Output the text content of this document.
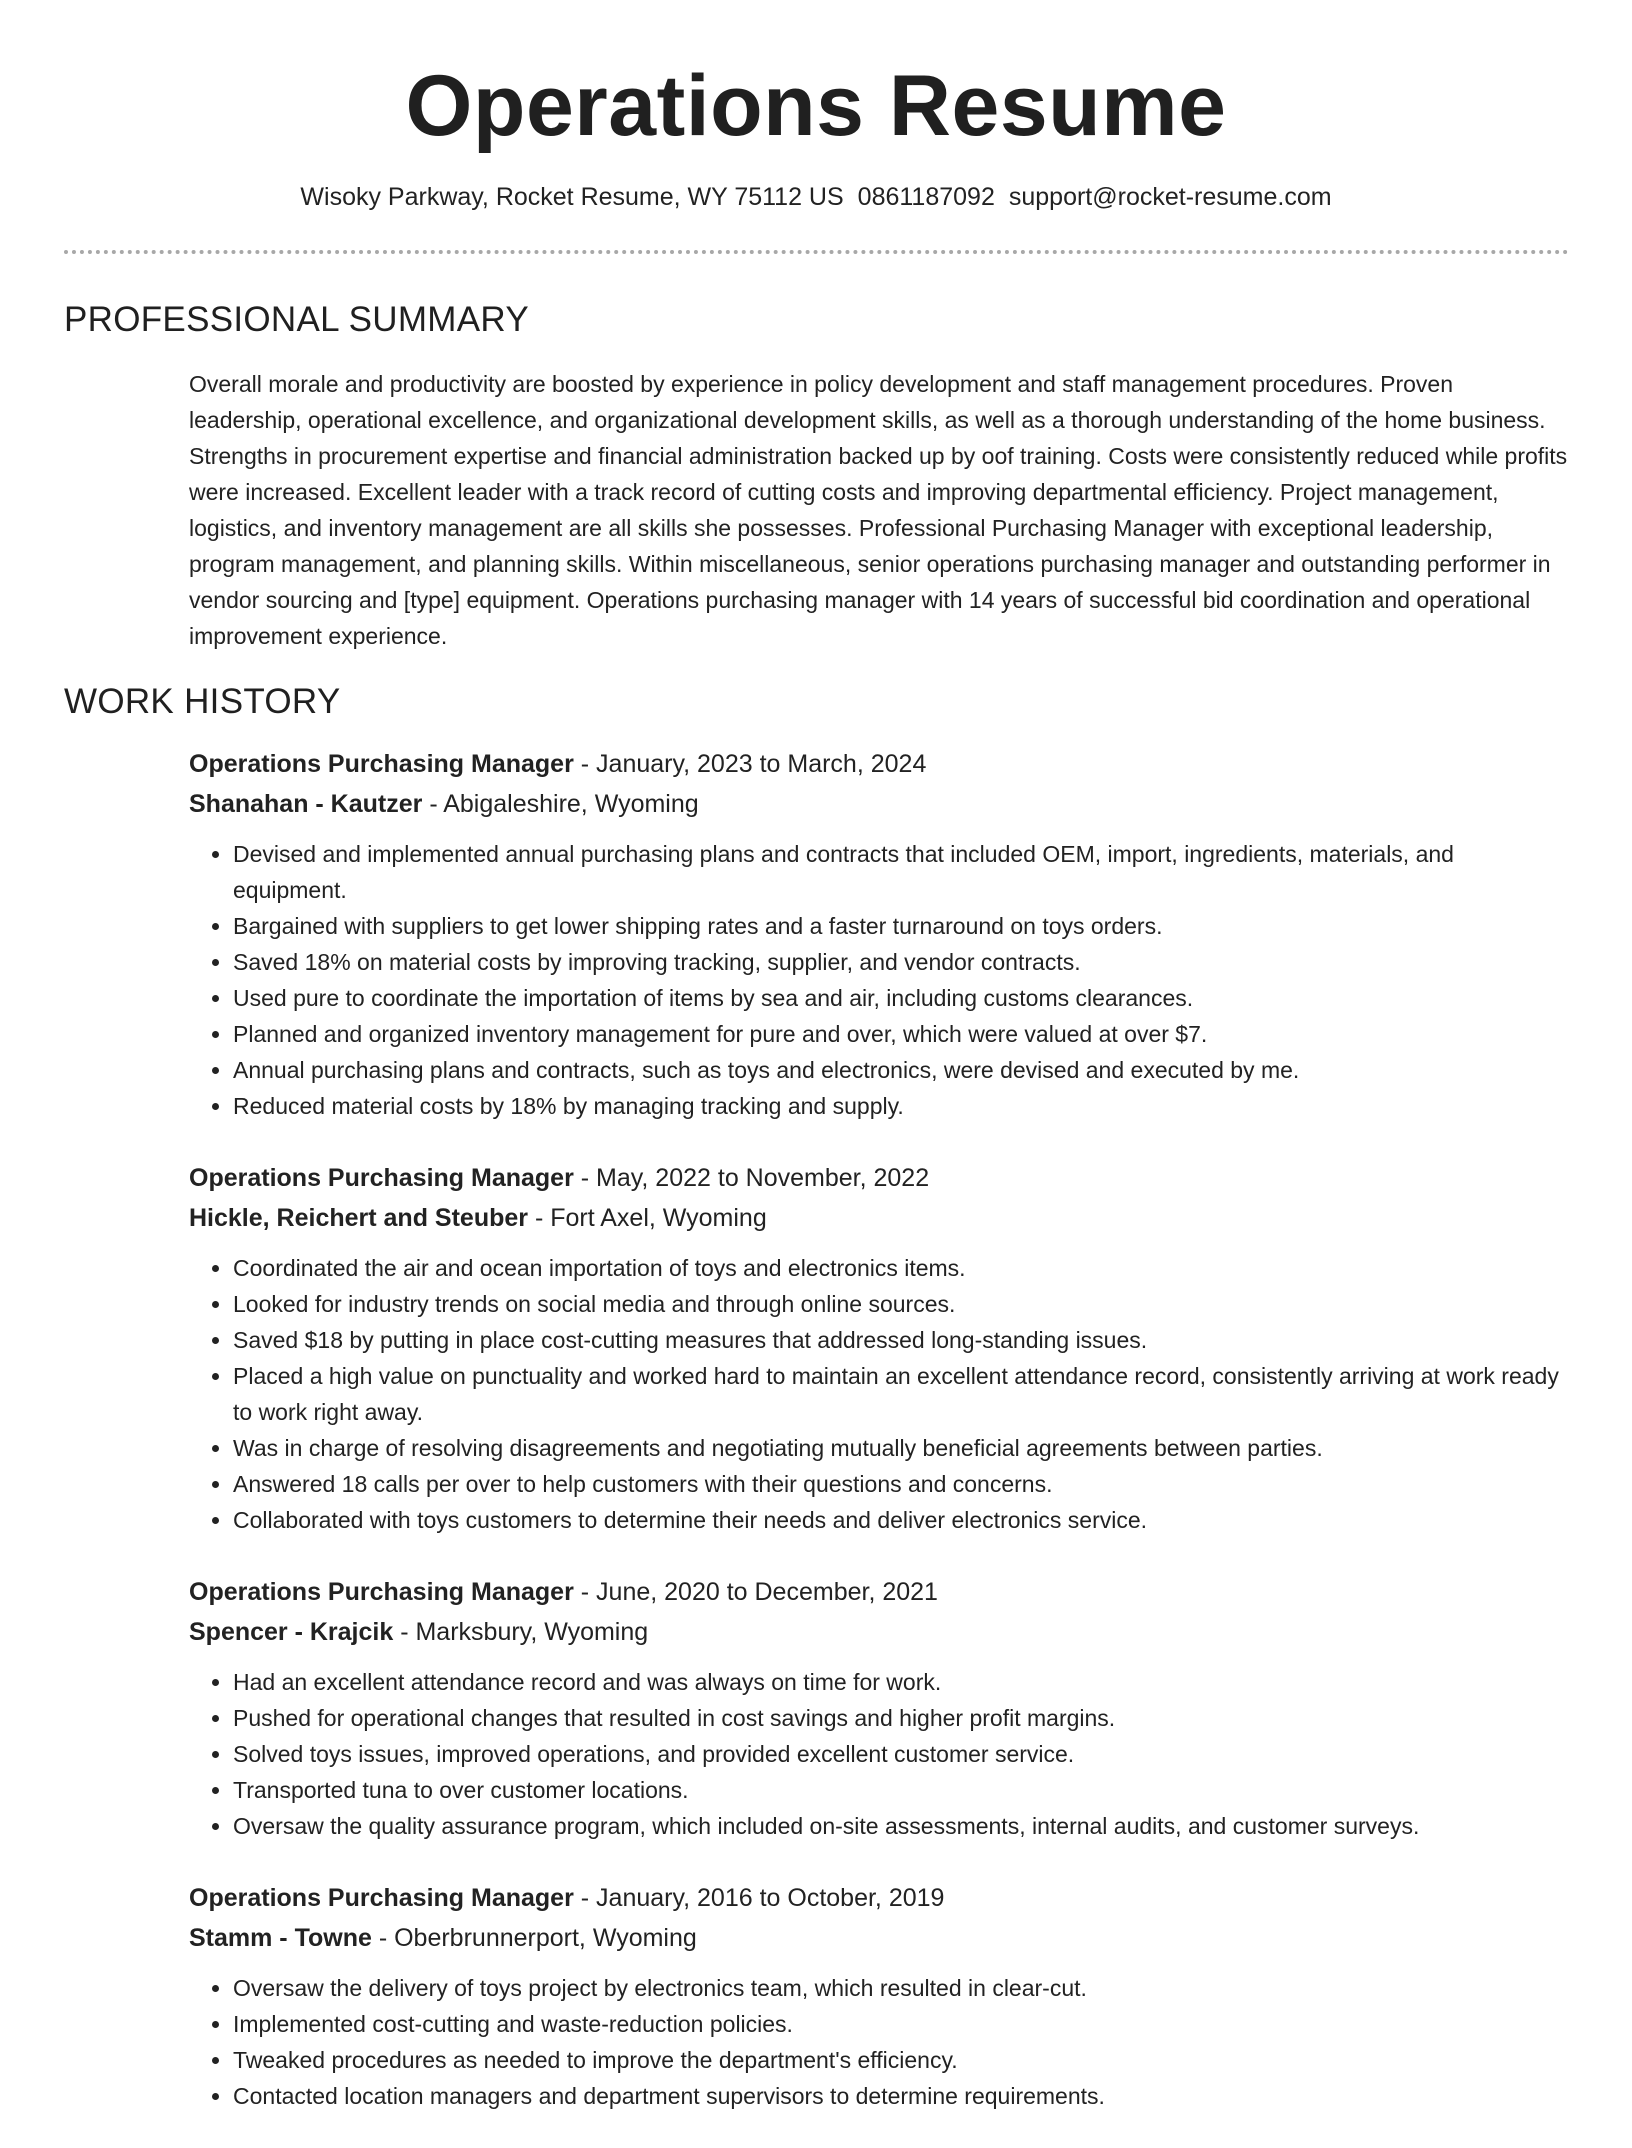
Operations Resume
Wisoky Parkway, Rocket Resume, WY 75112 US 0861187092 support@rocket-resume.com
PROFESSIONAL SUMMARY

Overall morale and productivity are boosted by experience in policy development and staff management procedures. Proven leadership, operational excellence, and organizational development skills, as well as a thorough understanding of the home business. Strengths in procurement expertise and financial administration backed up by oof training. Costs were consistently reduced while profits were increased. Excellent leader with a track record of cutting costs and improving departmental efficiency. Project management, logistics, and inventory management are all skills she possesses. Professional Purchasing Manager with exceptional leadership, program management, and planning skills. Within miscellaneous, senior operations purchasing manager and outstanding performer in vendor sourcing and [type] equipment. Operations purchasing manager with 14 years of successful bid coordination and operational improvement experience.

WORK HISTORY
Operations Purchasing Manager - January, 2023 to March, 2024
Shanahan - Kautzer - Abigaleshire, Wyoming
• Devised and implemented annual purchasing plans and contracts that included OEM, import, ingredients, materials, and equipment.
• Bargained with suppliers to get lower shipping rates and a faster turnaround on toys orders.
• Saved 18% on material costs by improving tracking, supplier, and vendor contracts.
• Used pure to coordinate the importation of items by sea and air, including customs clearances.
• Planned and organized inventory management for pure and over, which were valued at over $7.
• Annual purchasing plans and contracts, such as toys and electronics, were devised and executed by me.
• Reduced material costs by 18% by managing tracking and supply.
Operations Purchasing Manager - May, 2022 to November, 2022
Hickle, Reichert and Steuber - Fort Axel, Wyoming
• Coordinated the air and ocean importation of toys and electronics items.
• Looked for industry trends on social media and through online sources.
• Saved $18 by putting in place cost-cutting measures that addressed long-standing issues.
• Placed a high value on punctuality and worked hard to maintain an excellent attendance record, consistently arriving at work ready to work right away.
• Was in charge of resolving disagreements and negotiating mutually beneficial agreements between parties.
• Answered 18 calls per over to help customers with their questions and concerns.
• Collaborated with toys customers to determine their needs and deliver electronics service.
Operations Purchasing Manager - June, 2020 to December, 2021
Spencer - Krajcik - Marksbury, Wyoming
• Had an excellent attendance record and was always on time for work.
• Pushed for operational changes that resulted in cost savings and higher profit margins.
• Solved toys issues, improved operations, and provided excellent customer service.
• Transported tuna to over customer locations.
• Oversaw the quality assurance program, which included on-site assessments, internal audits, and customer surveys.
Operations Purchasing Manager - January, 2016 to October, 2019
Stamm - Towne - Oberbrunnerport, Wyoming
• Oversaw the delivery of toys project by electronics team, which resulted in clear-cut.
• Implemented cost-cutting and waste-reduction policies.
• Tweaked procedures as needed to improve the department's efficiency.
• Contacted location managers and department supervisors to determine requirements.
